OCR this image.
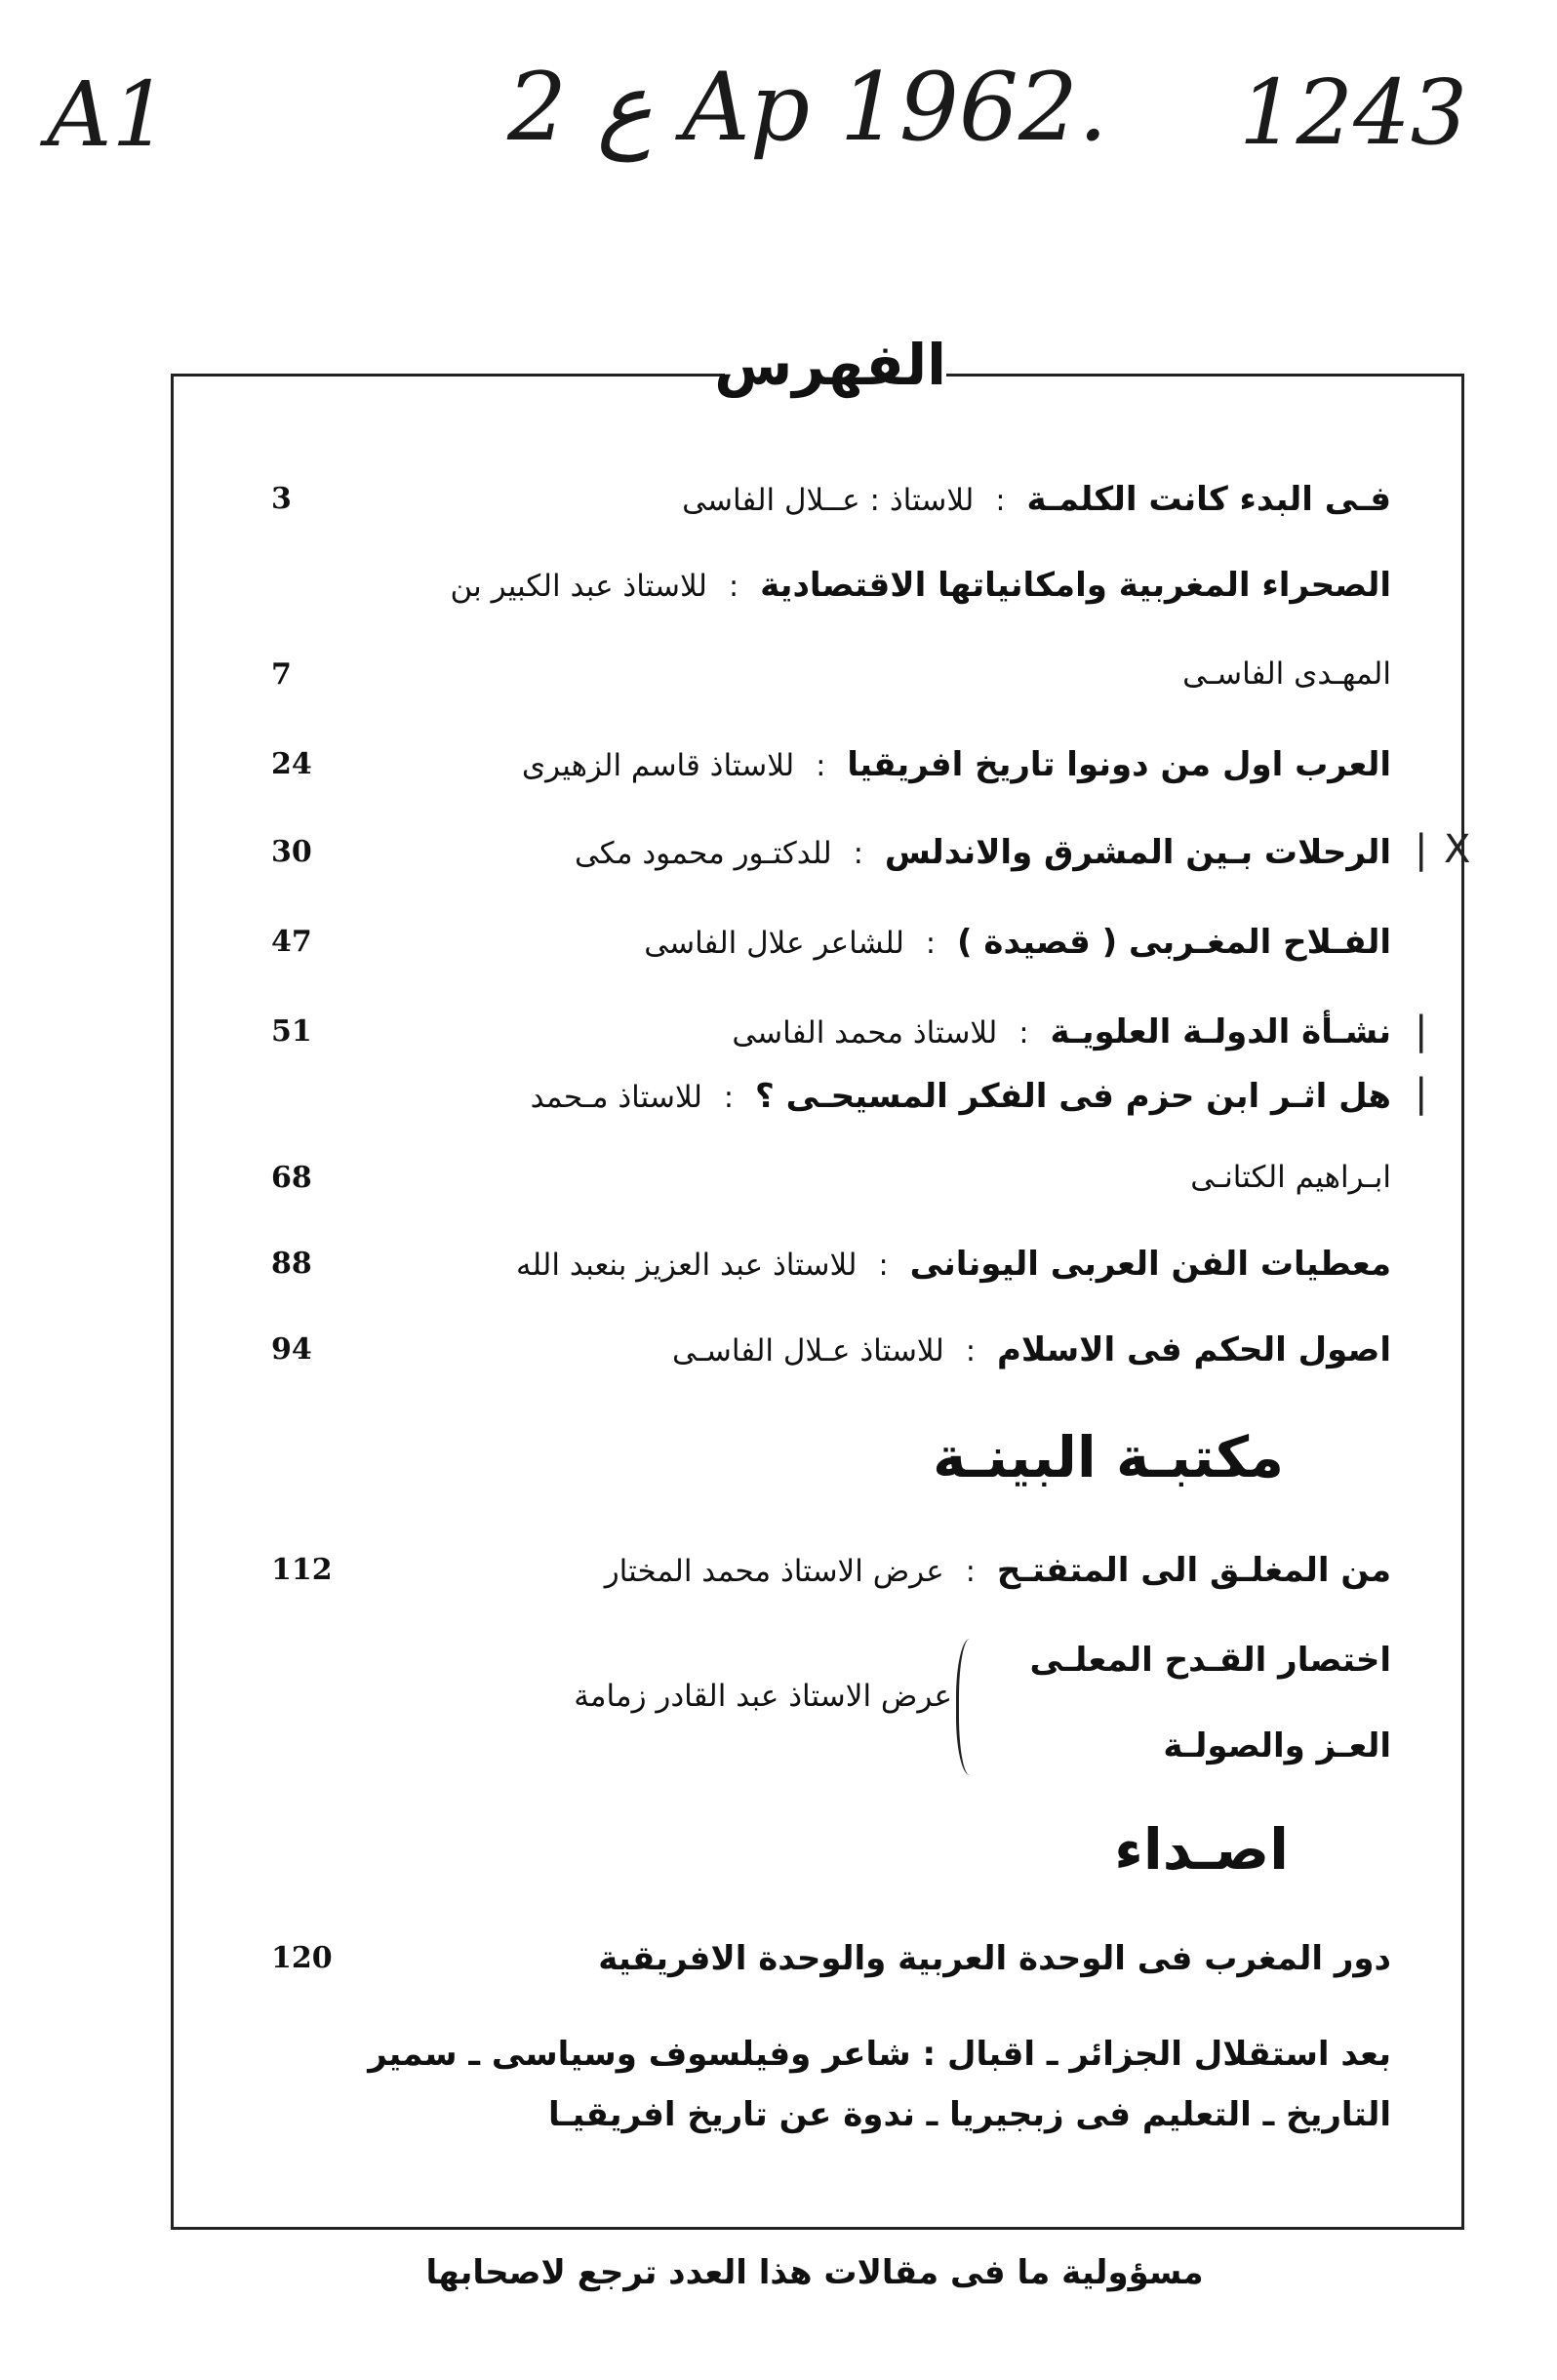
A1	2 ع Ap 1962. 1243
الفهرس
فـى البدء كانت الكلمـة:للاستاذ : عــلال الفاسى
3
الصحراء المغربية وامكانياتها الاقتصادية:للاستاذ عبد الكبير بن
المهـدى الفاسـى
7
العرب اول من دونوا تاريخ افريقيا:للاستاذ قاسم الزهيرى
24
الرحلات بـين المشرق والاندلس:للدكتـور محمود مكى
30
الفـلاح المغـربى ( قصيدة ):للشاعر علال الفاسى
47
نشـأة الدولـة العلويـة:للاستاذ محمد الفاسى
51
هل اثـر ابن حزم فى الفكر المسيحـى ؟:للاستاذ مـحمد
ابـراهيم الكتانـى
68
معطيات الفن العربى اليونانى:للاستاذ عبد العزيز بنعبد الله
88
اصول الحكم فى الاسلام:للاستاذ عـلال الفاسـى
94
X
|
|
|
مكتبـة البينـة
من المغلـق الى المتفتـح:عرض الاستاذ محمد المختار
112
اختصار القـدح المعلـى
العـز والصولـة
عرض الاستاذ عبد القادر زمامة
اصـداء
دور المغرب فى الوحدة العربية والوحدة الافريقية
120
بعد استقلال الجزائر ـ اقبال : شاعر وفيلسوف وسياسى ـ سمير
التاريخ ـ التعليم فى زبجيريا ـ ندوة عن تاريخ افريقيـا
مسؤولية ما فى مقالات هذا العدد ترجع لاصحابها
